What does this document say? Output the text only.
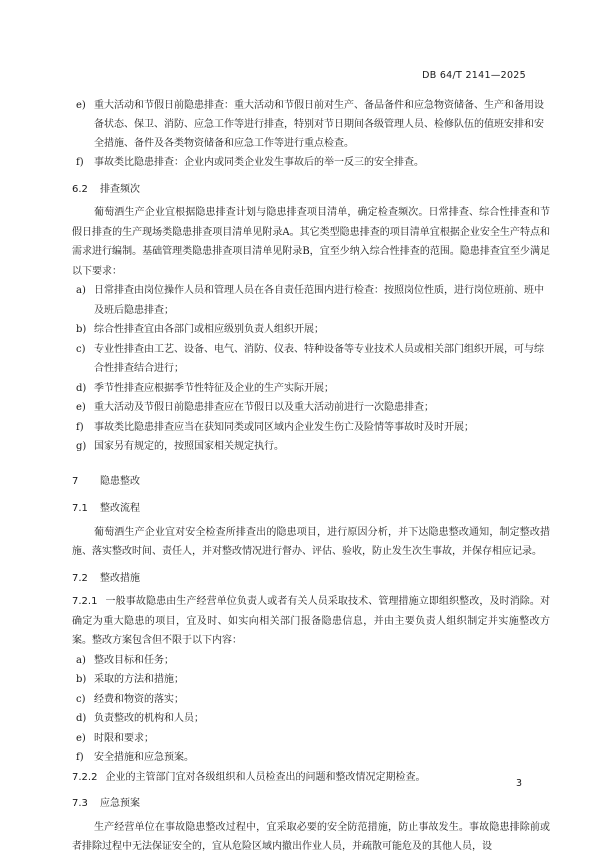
DB 64/T 2141—2025
e) 重大活动和节假日前隐患排查：重大活动和节假日前对生产、备品备件和应急物资储备、生产和备用设备状态、保卫、消防、应急工作等进行排查，特别对节日期间各级管理人员、检修队伍的值班安排和安全措施、备件及各类物资储备和应急工作等进行重点检查。
f) 事故类比隐患排查：企业内或同类企业发生事故后的举一反三的安全排查。
6.2 排查频次
葡萄酒生产企业宜根据隐患排查计划与隐患排查项目清单，确定检查频次。日常排查、综合性排查和节假日排查的生产现场类隐患排查项目清单见附录A。其它类型隐患排查的项目清单宜根据企业安全生产特点和需求进行编制。基础管理类隐患排查项目清单见附录B，宜至少纳入综合性排查的范围。隐患排查宜至少满足以下要求：
a) 日常排查由岗位操作人员和管理人员在各自责任范围内进行检查：按照岗位性质，进行岗位班前、班中及班后隐患排查；
b) 综合性排查宜由各部门或相应级别负责人组织开展；
c) 专业性排查由工艺、设备、电气、消防、仪表、特种设备等专业技术人员或相关部门组织开展，可与综合性排查结合进行；
d) 季节性排查应根据季节性特征及企业的生产实际开展；
e) 重大活动及节假日前隐患排查应在节假日以及重大活动前进行一次隐患排查；
f) 事故类比隐患排查应当在获知同类或同区域内企业发生伤亡及险情等事故时及时开展；
g) 国家另有规定的，按照国家相关规定执行。
7 隐患整改
7.1 整改流程
葡萄酒生产企业宜对安全检查所排查出的隐患项目，进行原因分析，并下达隐患整改通知，制定整改措施、落实整改时间、责任人，并对整改情况进行督办、评估、验收，防止发生次生事故，并保存相应记录。
7.2 整改措施
7.2.1 一般事故隐患由生产经营单位负责人或者有关人员采取技术、管理措施立即组织整改，及时消除。对确定为重大隐患的项目，宜及时、如实向相关部门报备隐患信息，并由主要负责人组织制定并实施整改方案。整改方案包含但不限于以下内容：
a) 整改目标和任务；
b) 采取的方法和措施；
c) 经费和物资的落实；
d) 负责整改的机构和人员；
e) 时限和要求；
f) 安全措施和应急预案。
7.2.2 企业的主管部门宜对各级组织和人员检查出的问题和整改情况定期检查。
7.3 应急预案
生产经营单位在事故隐患整改过程中，宜采取必要的安全防范措施，防止事故发生。事故隐患排除前或者排除过程中无法保证安全的，宜从危险区域内撤出作业人员，并疏散可能危及的其他人员，设
3
